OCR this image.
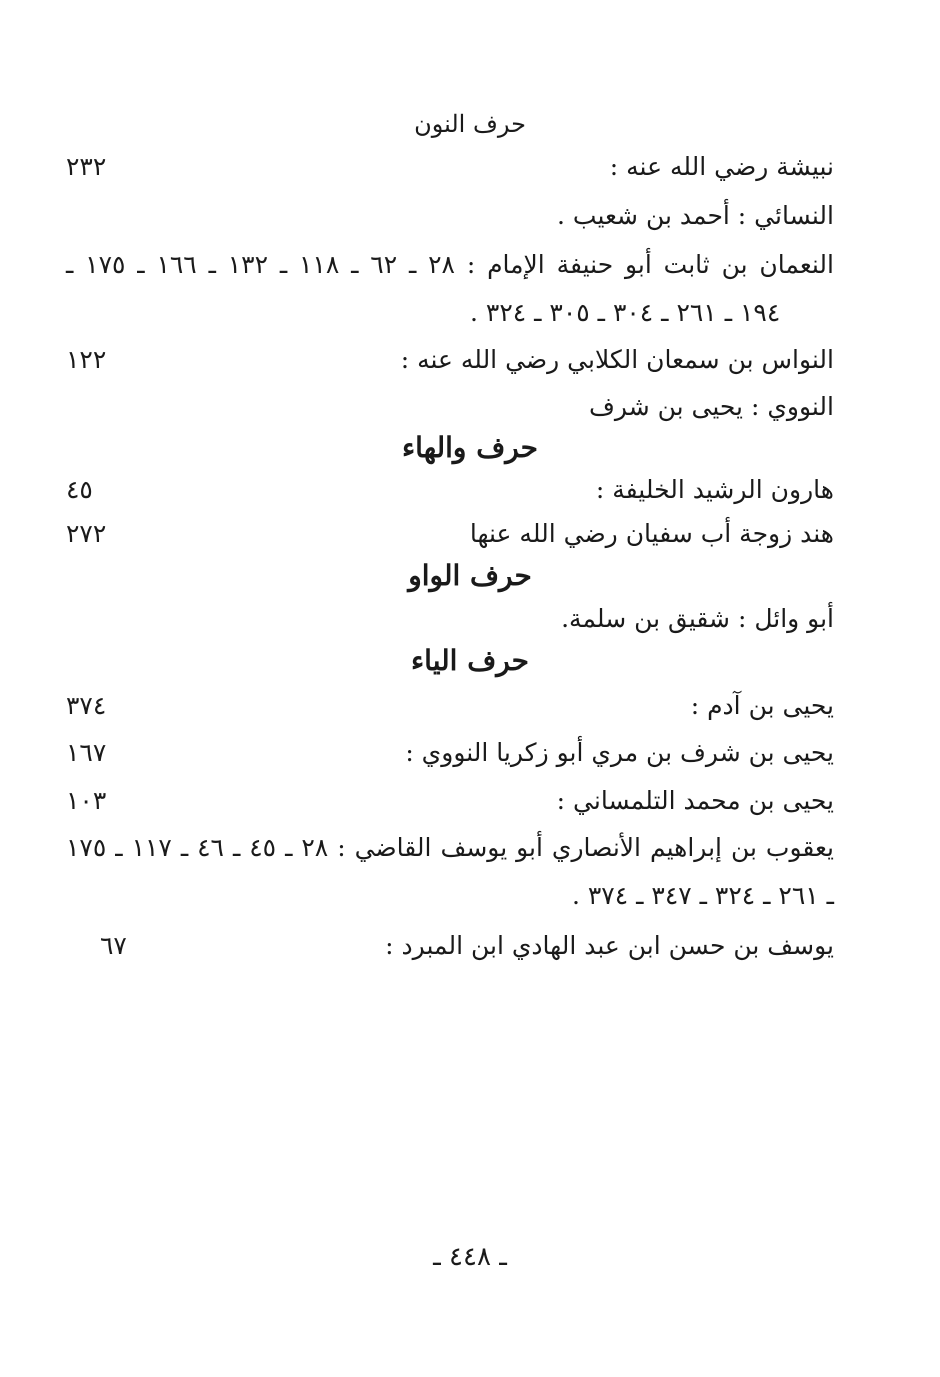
حرف النون
نبيشة رضي الله عنه :
٢٣٢
النسائي : أحمد بن شعيب .
النعمان بن ثابت أبو حنيفة الإمام : ٢٨ ـ ٦٢ ـ ١١٨ ـ ١٣٢ ـ ١٦٦ ـ ١٧٥ ـ
١٩٤ ـ ٢٦١ ـ ٣٠٤ ـ ٣٠٥ ـ ٣٢٤ .
النواس بن سمعان الكلابي رضي الله عنه :
١٢٢
النووي : يحيى بن شرف
حرف والهاء
هارون الرشيد الخليفة :
٤٥
هند زوجة أب سفيان رضي الله عنها
٢٧٢
حرف الواو
أبو وائل : شقيق بن سلمة.
حرف الياء
يحيى بن آدم :
٣٧٤
يحيى بن شرف بن مري أبو زكريا النووي :
١٦٧
يحيى بن محمد التلمساني :
١٠٣
يعقوب بن إبراهيم الأنصاري أبو يوسف القاضي : ٢٨ ـ ٤٥ ـ ٤٦ ـ ١١٧ ـ ١٧٥
ـ ٢٦١ ـ ٣٢٤ ـ ٣٤٧ ـ ٣٧٤ .
يوسف بن حسن ابن عبد الهادي ابن المبرد :
٦٧
ـ ٤٤٨ ـ
